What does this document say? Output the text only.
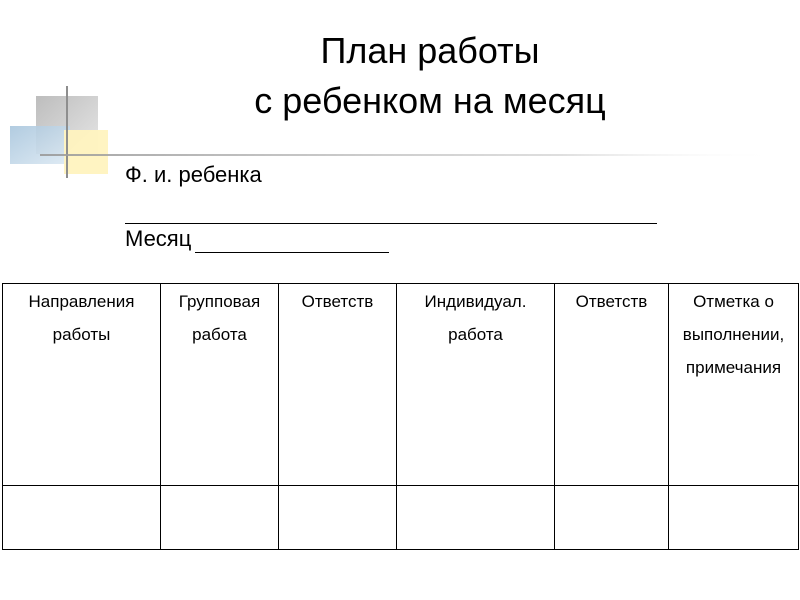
План работы
с ребенком на месяц
Ф. и. ребенка
Месяц
Направления работы	Групповая работа	Ответств	Индивидуал. работа	Ответств	Отметка о выполнении, примечания
